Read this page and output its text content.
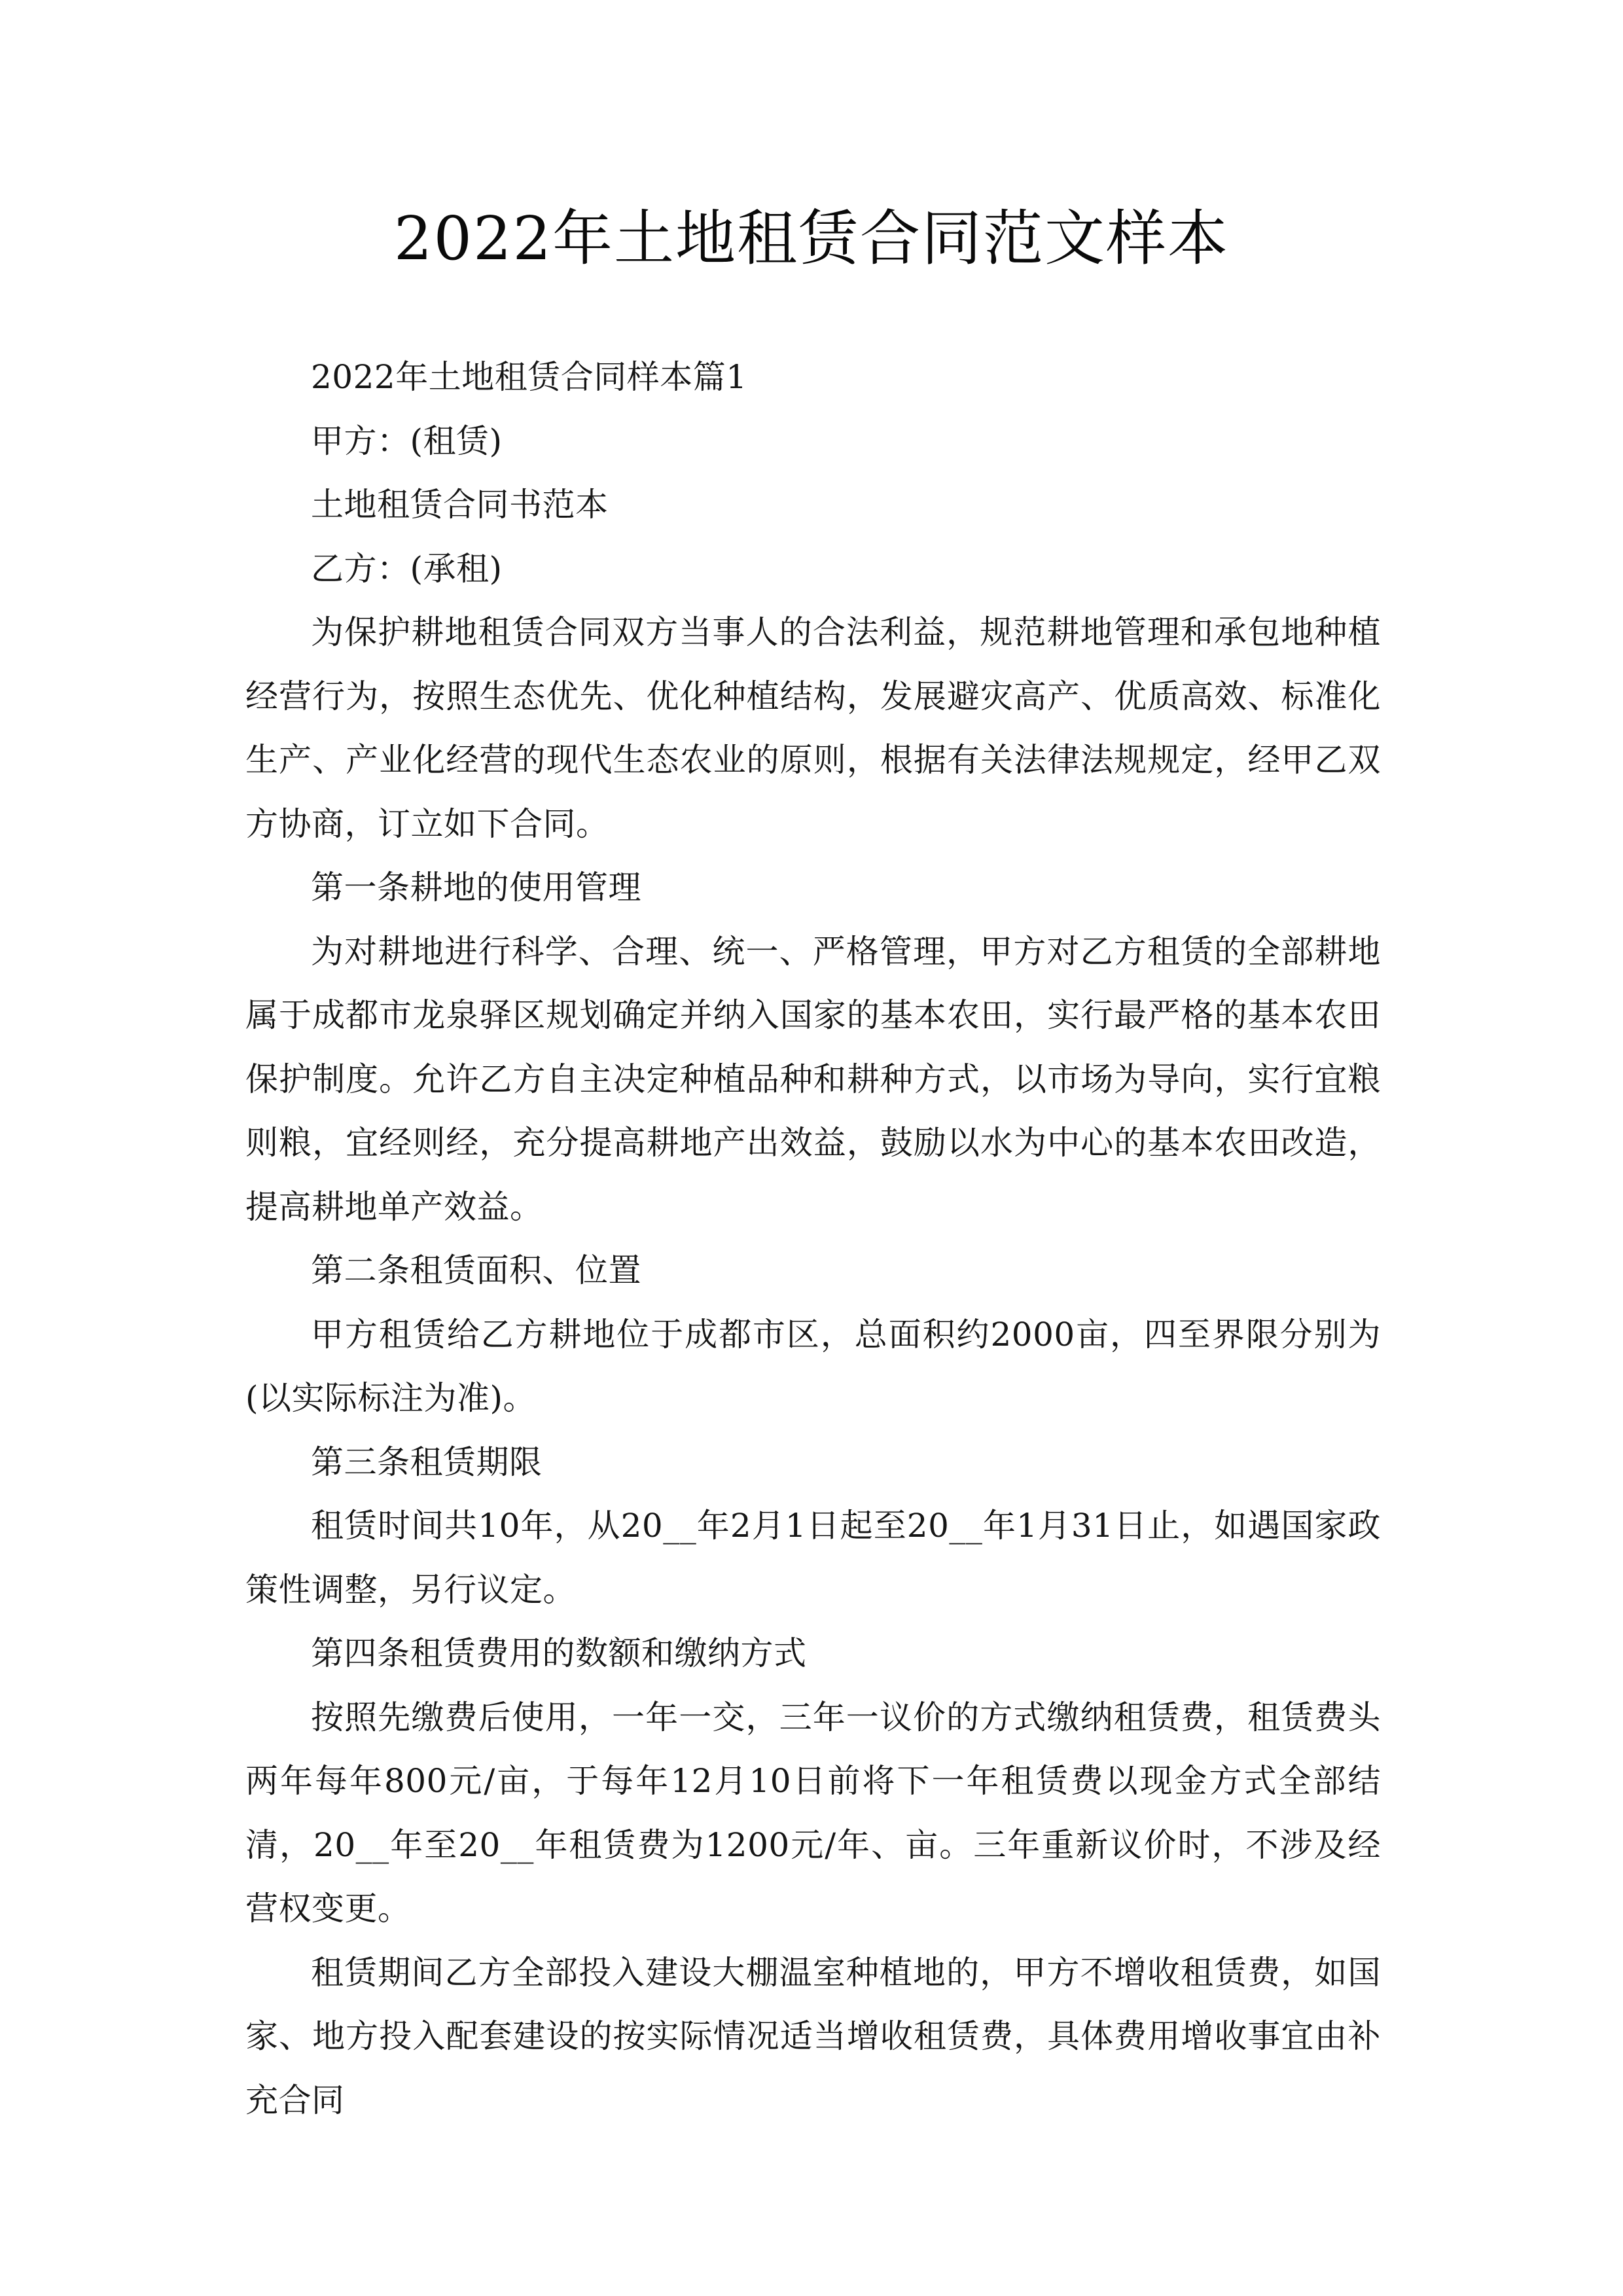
2022年土地租赁合同范文样本

2022年土地租赁合同样本篇1

甲方：(租赁)

土地租赁合同书范本

乙方：(承租)

为保护耕地租赁合同双方当事人的合法利益，规范耕地管理和承包地种植经营行为，按照生态优先、优化种植结构，发展避灾高产、优质高效、标准化生产、产业化经营的现代生态农业的原则，根据有关法律法规规定，经甲乙双方协商，订立如下合同。

第一条耕地的使用管理

为对耕地进行科学、合理、统一、严格管理，甲方对乙方租赁的全部耕地属于成都市龙泉驿区规划确定并纳入国家的基本农田，实行最严格的基本农田保护制度。允许乙方自主决定种植品种和耕种方式，以市场为导向，实行宜粮则粮，宜经则经，充分提高耕地产出效益，鼓励以水为中心的基本农田改造，提高耕地单产效益。

第二条租赁面积、位置

甲方租赁给乙方耕地位于成都市区，总面积约2000亩，四至界限分别为(以实际标注为准)。

第三条租赁期限

租赁时间共10年，从20__年2月1日起至20__年1月31日止，如遇国家政策性调整，另行议定。

第四条租赁费用的数额和缴纳方式

按照先缴费后使用，一年一交，三年一议价的方式缴纳租赁费，租赁费头两年每年800元/亩，于每年12月10日前将下一年租赁费以现金方式全部结清，20__年至20__年租赁费为1200元/年、亩。三年重新议价时，不涉及经营权变更。

租赁期间乙方全部投入建设大棚温室种植地的，甲方不增收租赁费，如国家、地方投入配套建设的按实际情况适当增收租赁费，具体费用增收事宜由补充合同
